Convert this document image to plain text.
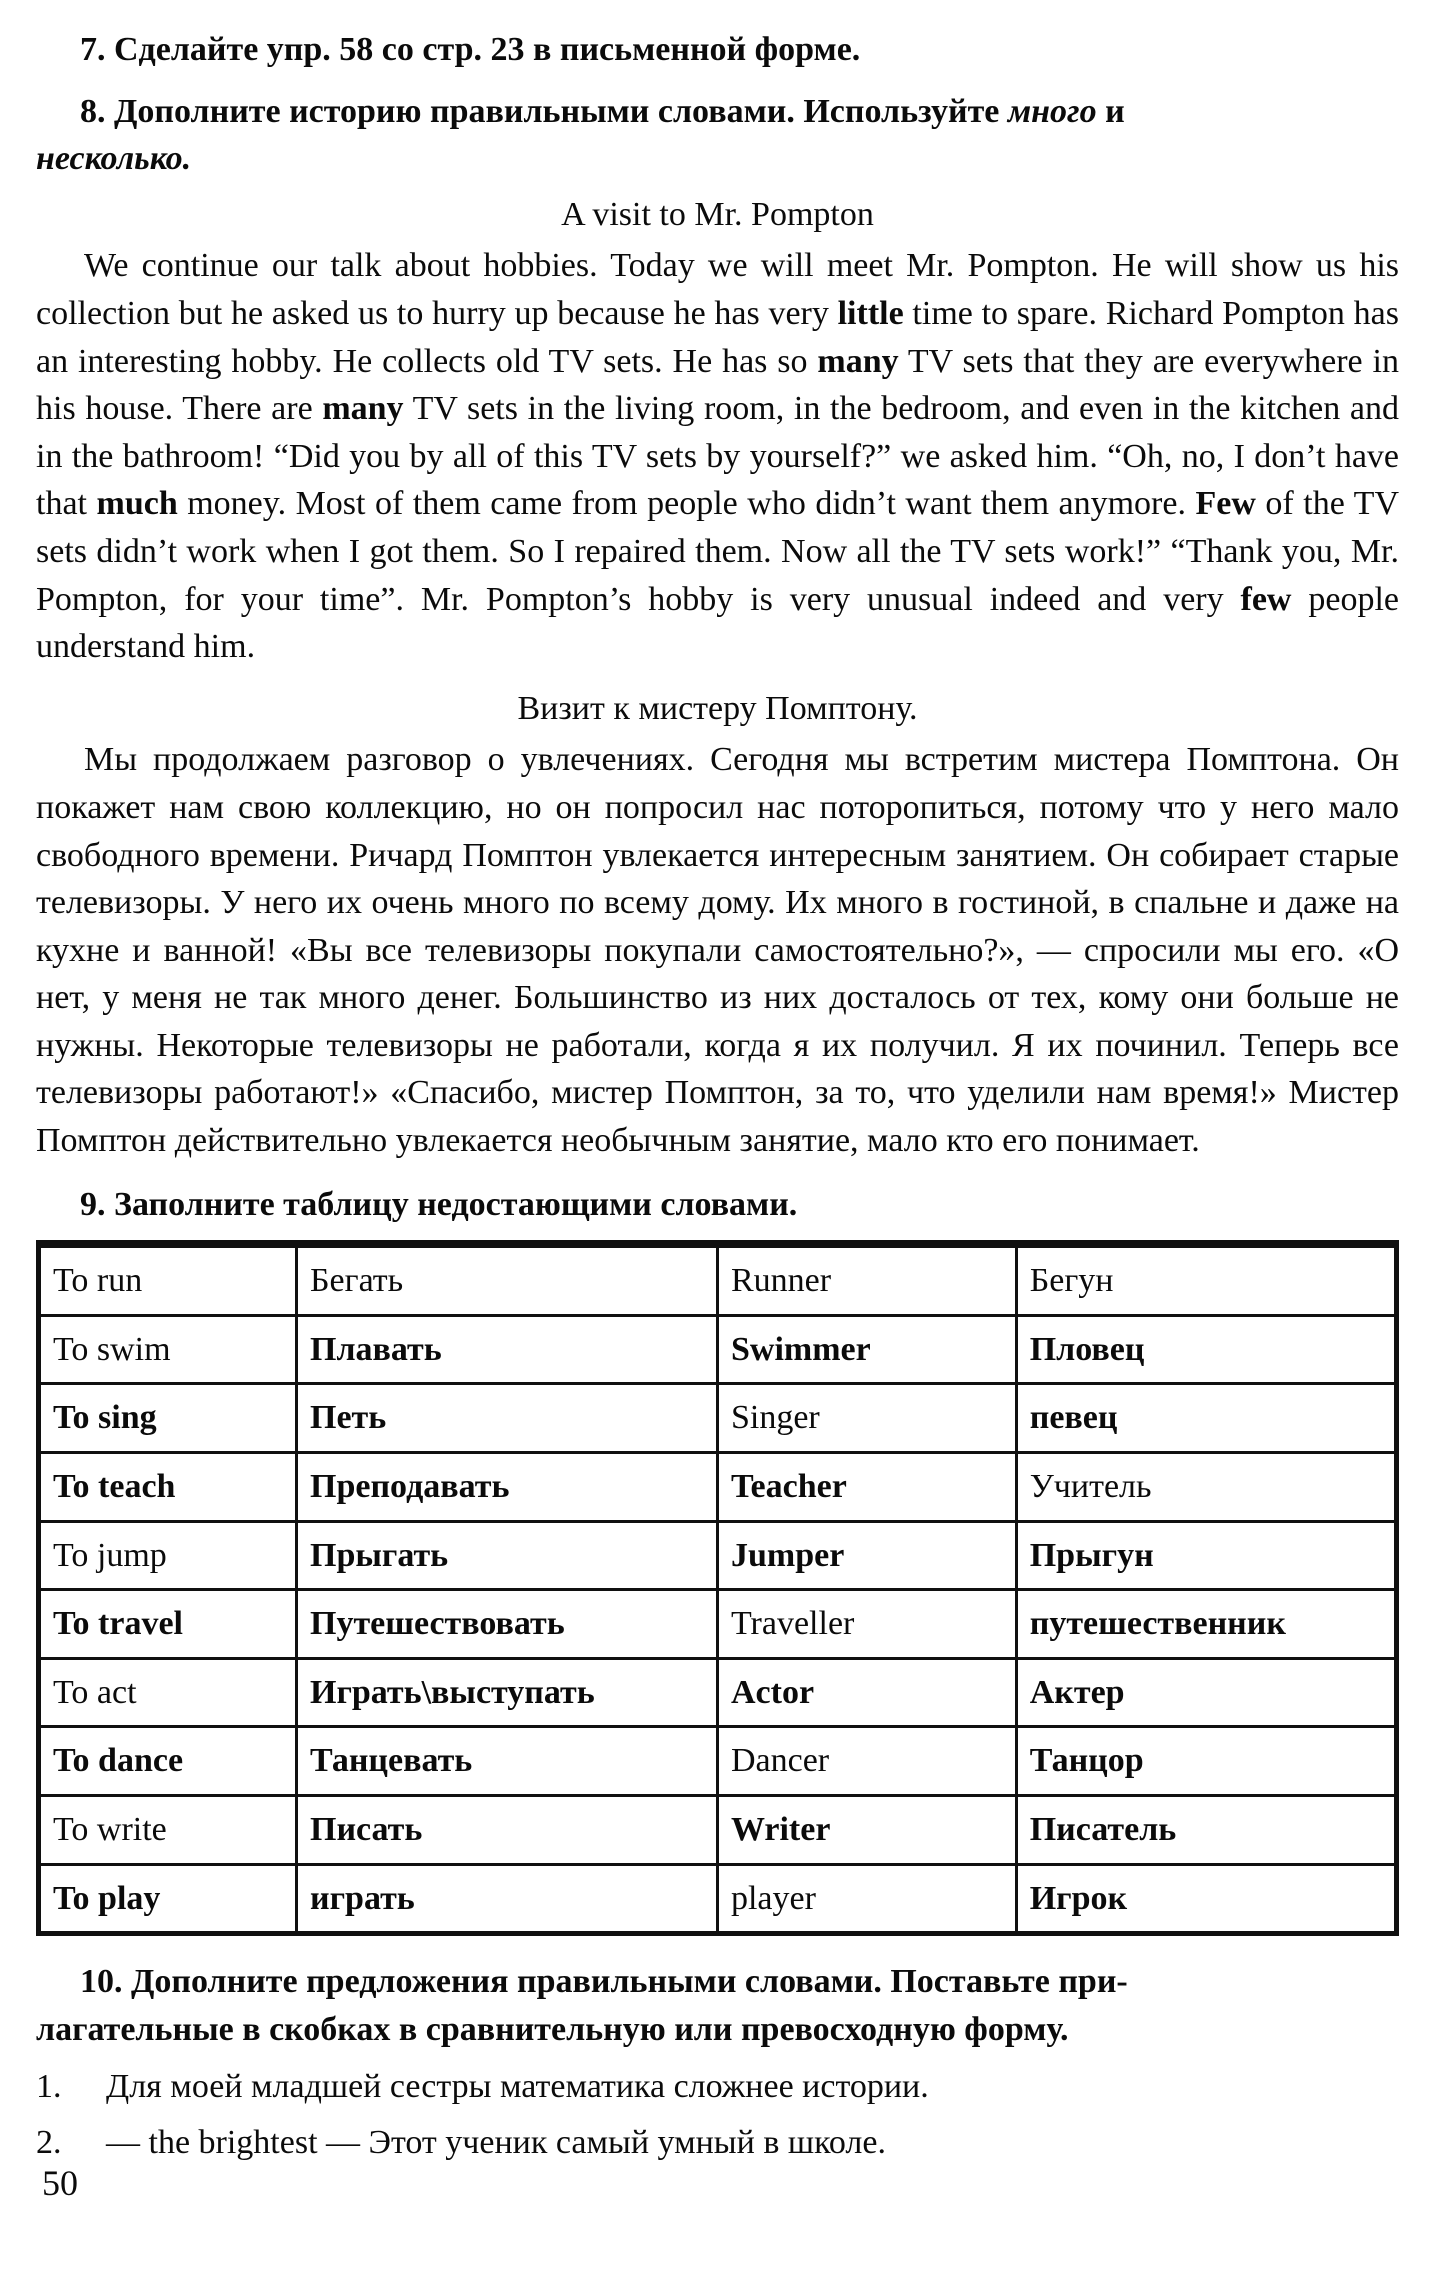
7. Сделайте упр. 58 со стр. 23 в письменной форме.

8. Дополните историю правильными словами. Используйте много и
несколько.

A visit to Mr. Pompton

We continue our talk about hobbies. Today we will meet Mr. Pompton. He will show us his collection but he asked us to hurry up because he has very little time to spare. Richard Pompton has an interesting hobby. He collects old TV sets. He has so many TV sets that they are everywhere in his house. There are many TV sets in the living room, in the bedroom, and even in the kitchen and in the bathroom! “Did you by all of this TV sets by yourself?” we asked him. “Oh, no, I don’t have that much money. Most of them came from people who didn’t want them anymore. Few of the TV sets didn’t work when I got them. So I repaired them. Now all the TV sets work!” “Thank you, Mr. Pompton, for your time”. Mr. Pompton’s hobby is very unusual indeed and very few people understand him.

Визит к мистеру Помптону.

Мы продолжаем разговор о увлечениях. Сегодня мы встретим мистера Помптона. Он покажет нам свою коллекцию, но он попросил нас поторопиться, потому что у него мало свободного времени. Ричард Помптон увлекается интересным занятием. Он собирает старые телевизоры. У него их очень много по всему дому. Их много в гостиной, в спальне и даже на кухне и ванной! «Вы все телевизоры покупали самостоятельно?», — спросили мы его. «О нет, у меня не так много денег. Большинство из них досталось от тех, кому они больше не нужны. Некоторые телевизоры не работали, когда я их получил. Я их починил. Теперь все телевизоры работают!» «Спасибо, мистер Помптон, за то, что уделили нам время!» Мистер Помптон действительно увлекается необычным занятие, мало кто его понимает.

9. Заполните таблицу недостающими словами.

To run	Бегать	Runner	Бегун
To swim	Плавать	Swimmer	Пловец
To sing	Петь	Singer	певец
To teach	Преподавать	Teacher	Учитель
To jump	Прыгать	Jumper	Прыгун
To travel	Путешествовать	Traveller	путешественник
To act	Играть\выступать	Actor	Актер
To dance	Танцевать	Dancer	Танцор
To write	Писать	Writer	Писатель
To play	играть	player	Игрок

10. Дополните предложения правильными словами. Поставьте при-
лагательные в скобках в сравнительную или превосходную форму.

1.	Для моей младшей сестры математика сложнее истории.
2.	— the brightest — Этот ученик самый умный в школе.
50
